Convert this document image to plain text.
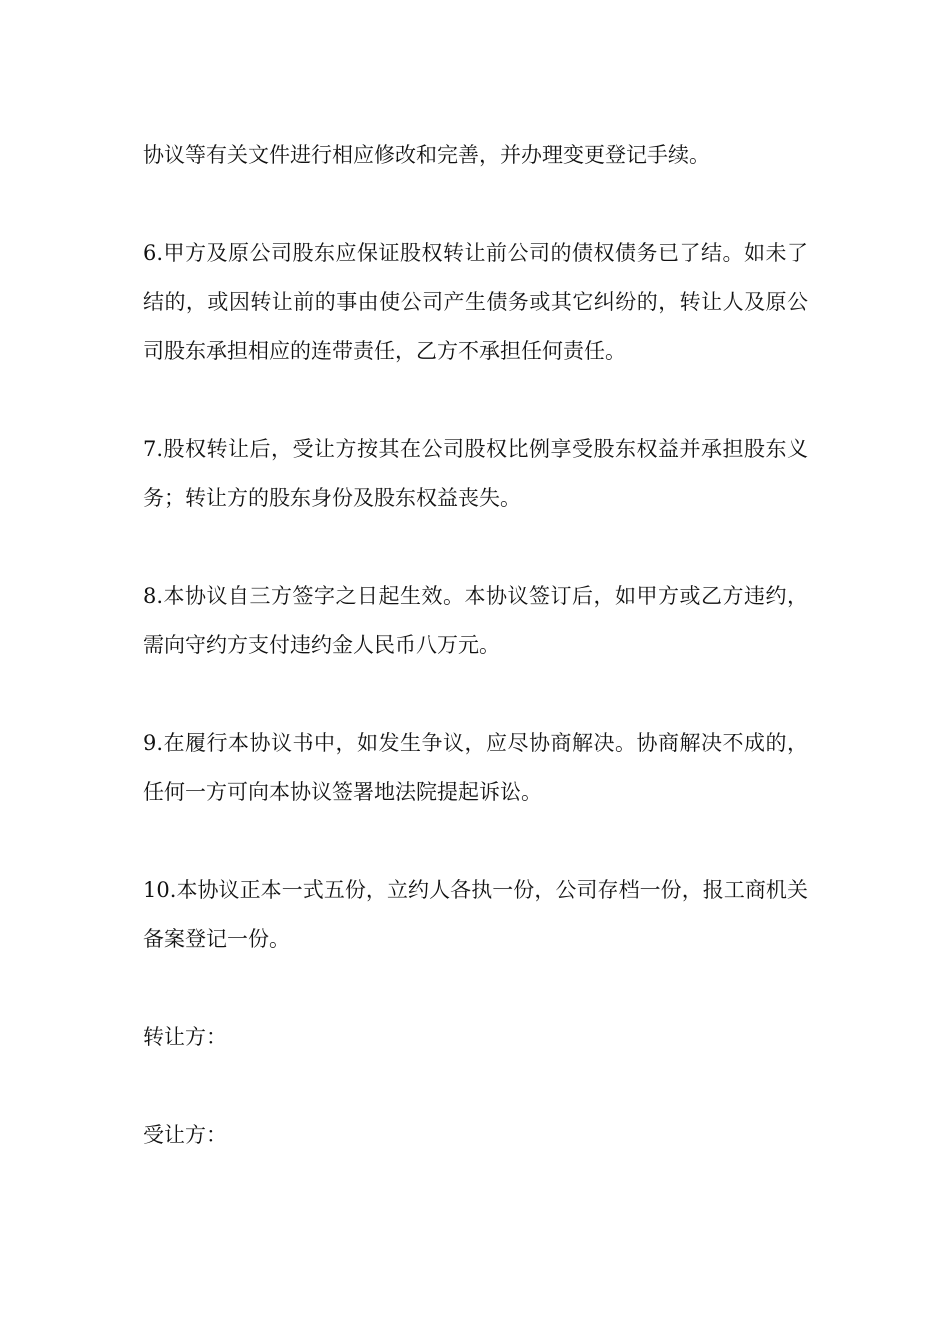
协议等有关文件进行相应修改和完善，并办理变更登记手续。

6.甲方及原公司股东应保证股权转让前公司的债权债务已了结。如未了结的，或因转让前的事由使公司产生债务或其它纠纷的，转让人及原公司股东承担相应的连带责任，乙方不承担任何责任。

7.股权转让后，受让方按其在公司股权比例享受股东权益并承担股东义务；转让方的股东身份及股东权益丧失。

8.本协议自三方签字之日起生效。本协议签订后，如甲方或乙方违约，需向守约方支付违约金人民币八万元。

9.在履行本协议书中，如发生争议，应尽协商解决。协商解决不成的，任何一方可向本协议签署地法院提起诉讼。

10.本协议正本一式五份，立约人各执一份，公司存档一份，报工商机关备案登记一份。

转让方：

受让方：
